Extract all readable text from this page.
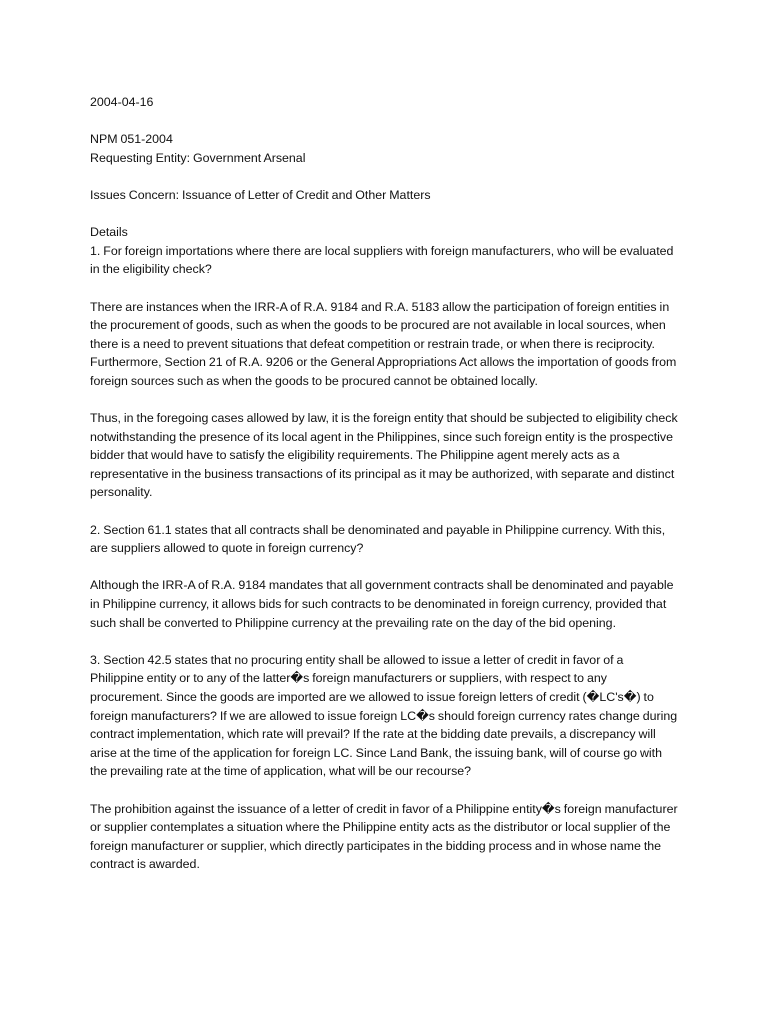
2004-04-16

NPM 051-2004

Requesting Entity: Government Arsenal

Issues Concern: Issuance of Letter of Credit and Other Matters

Details

1. For foreign importations where there are local suppliers with foreign manufacturers, who will be evaluated in the eligibility check?

There are instances when the IRR-A of R.A. 9184 and R.A. 5183 allow the participation of foreign entities in the procurement of goods, such as when the goods to be procured are not available in local sources, when there is a need to prevent situations that defeat competition or restrain trade, or when there is reciprocity. Furthermore, Section 21 of R.A. 9206 or the General Appropriations Act allows the importation of goods from foreign sources such as when the goods to be procured cannot be obtained locally.

Thus, in the foregoing cases allowed by law, it is the foreign entity that should be subjected to eligibility check notwithstanding the presence of its local agent in the Philippines, since such foreign entity is the prospective bidder that would have to satisfy the eligibility requirements. The Philippine agent merely acts as a representative in the business transactions of its principal as it may be authorized, with separate and distinct personality.

2. Section 61.1 states that all contracts shall be denominated and payable in Philippine currency. With this, are suppliers allowed to quote in foreign currency?

Although the IRR-A of R.A. 9184 mandates that all government contracts shall be denominated and payable in Philippine currency, it allows bids for such contracts to be denominated in foreign currency, provided that such shall be converted to Philippine currency at the prevailing rate on the day of the bid opening.

3. Section 42.5 states that no procuring entity shall be allowed to issue a letter of credit in favor of a Philippine entity or to any of the latter�s foreign manufacturers or suppliers, with respect to any procurement. Since the goods are imported are we allowed to issue foreign letters of credit (�LC's�) to foreign manufacturers? If we are allowed to issue foreign LC�s should foreign currency rates change during contract implementation, which rate will prevail? If the rate at the bidding date prevails, a discrepancy will arise at the time of the application for foreign LC. Since Land Bank, the issuing bank, will of course go with the prevailing rate at the time of application, what will be our recourse?

The prohibition against the issuance of a letter of credit in favor of a Philippine entity�s foreign manufacturer or supplier contemplates a situation where the Philippine entity acts as the distributor or local supplier of the foreign manufacturer or supplier, which directly participates in the bidding process and in whose name the contract is awarded.
